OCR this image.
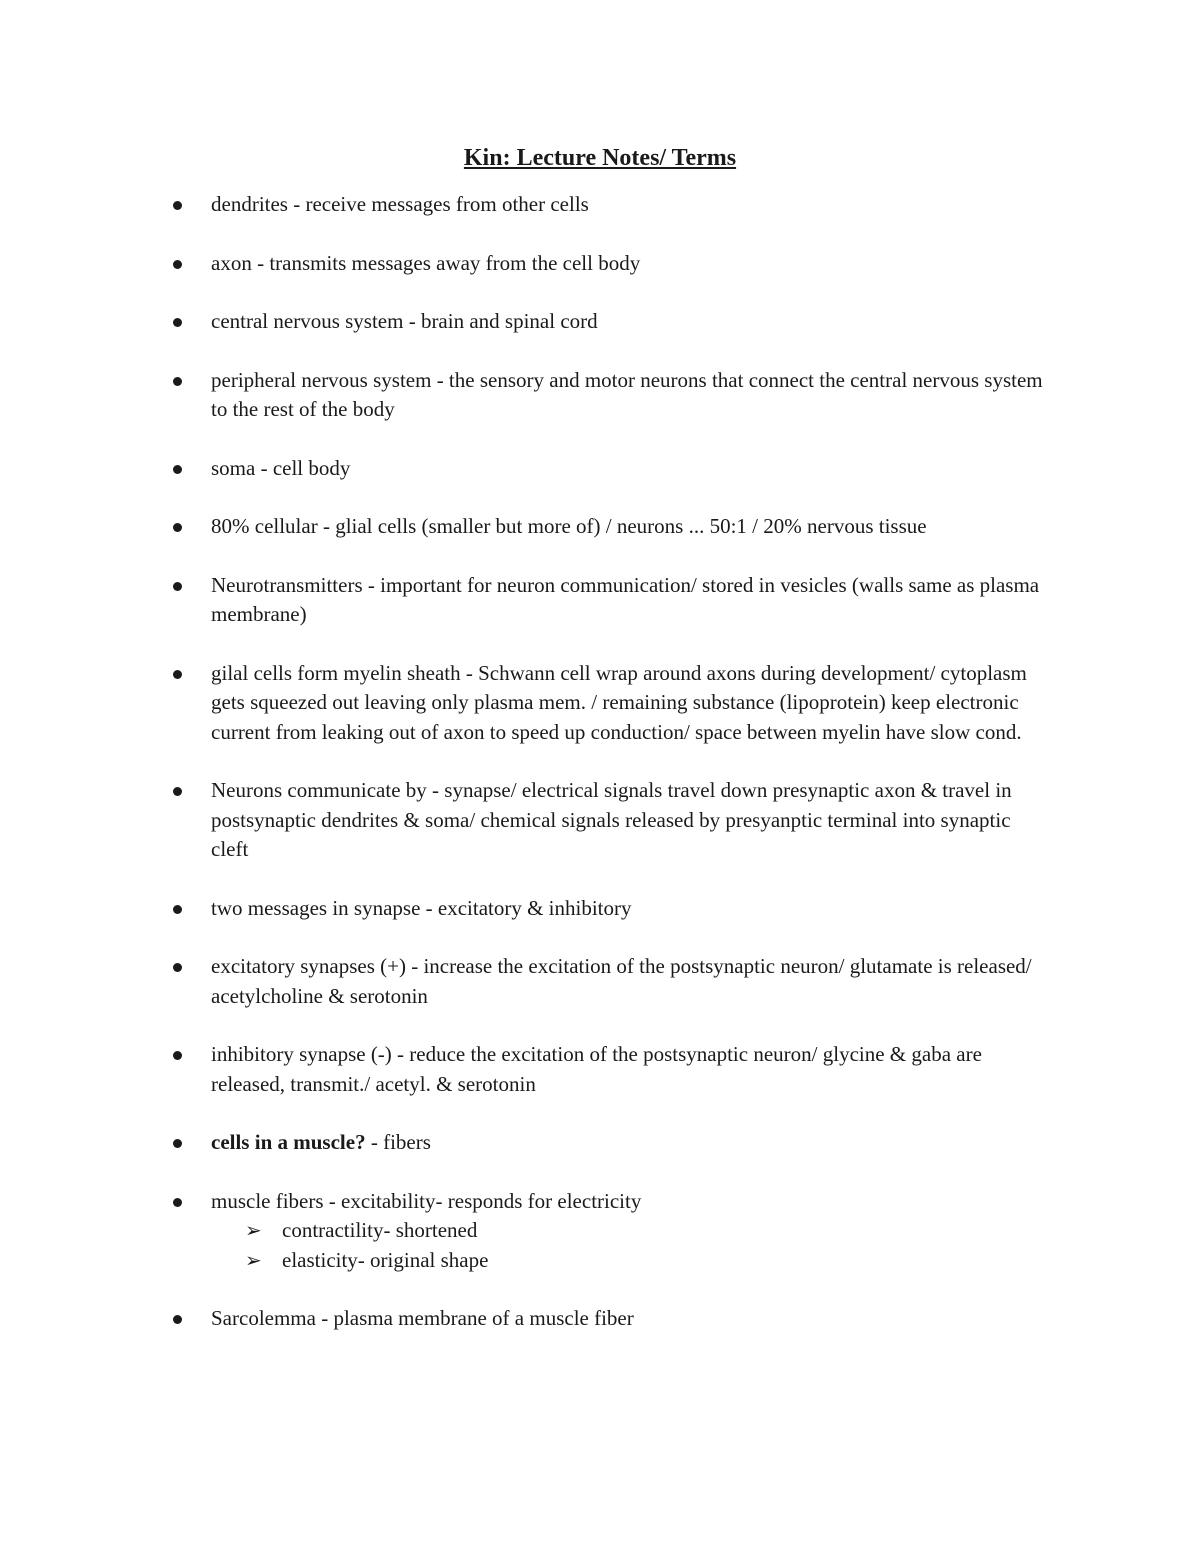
Kin: Lecture Notes/ Terms
dendrites - receive messages from other cells
axon - transmits messages away from the cell body
central nervous system - brain and spinal cord
peripheral nervous system - the sensory and motor neurons that connect the central nervous system to the rest of the body
soma - cell body
80% cellular - glial cells (smaller but more of) / neurons ... 50:1 / 20% nervous tissue
Neurotransmitters - important for neuron communication/ stored in vesicles (walls same as plasma membrane)
gilal cells form myelin sheath - Schwann cell wrap around axons during development/ cytoplasm gets squeezed out leaving only plasma mem. / remaining substance (lipoprotein) keep electronic current from leaking out of axon to speed up conduction/ space between myelin have slow cond.
Neurons communicate by - synapse/ electrical signals travel down presynaptic axon & travel in postsynaptic dendrites & soma/ chemical signals released by presyanptic terminal into synaptic cleft
two messages in synapse - excitatory & inhibitory
excitatory synapses (+) - increase the excitation of the postsynaptic neuron/ glutamate is released/ acetylcholine & serotonin
inhibitory synapse (-) - reduce the excitation of the postsynaptic neuron/ glycine & gaba are released, transmit./ acetyl. & serotonin
cells in a muscle? - fibers
muscle fibers - excitability- responds for electricity
➢ contractility- shortened
➢ elasticity- original shape
Sarcolemma - plasma membrane of a muscle fiber
